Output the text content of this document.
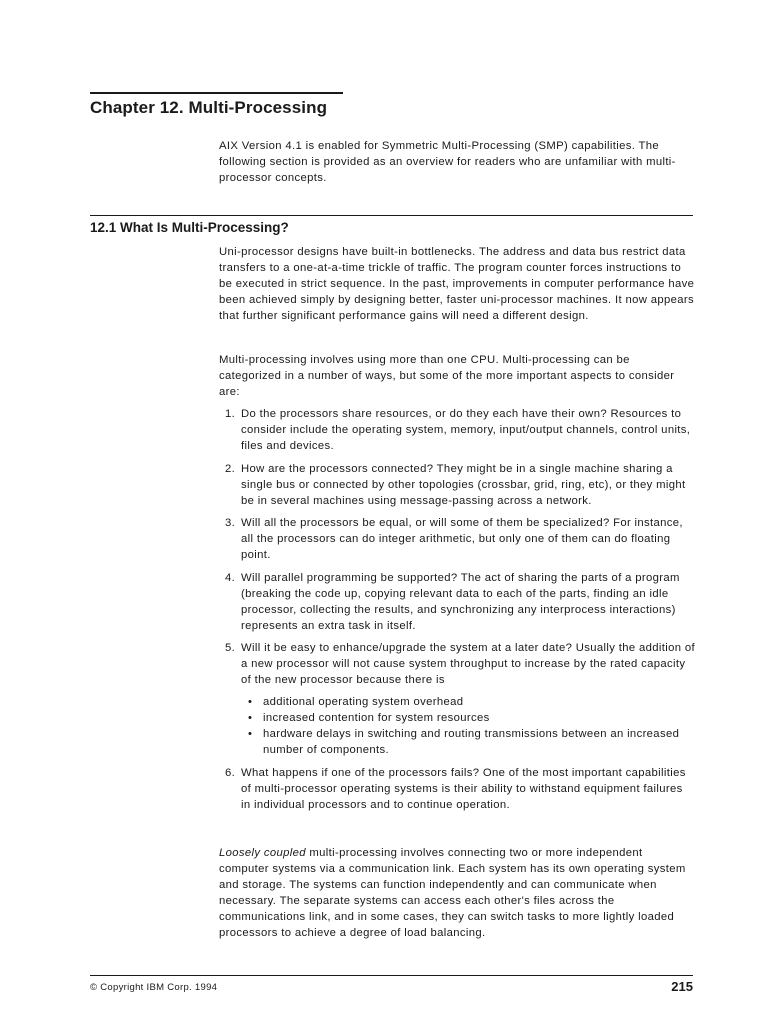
Chapter 12. Multi-Processing

AIX Version 4.1 is enabled for Symmetric Multi-Processing (SMP) capabilities. The following section is provided as an overview for readers who are unfamiliar with multi-processor concepts.

12.1 What Is Multi-Processing?

Uni-processor designs have built-in bottlenecks. The address and data bus restrict data transfers to a one-at-a-time trickle of traffic. The program counter forces instructions to be executed in strict sequence. In the past, improvements in computer performance have been achieved simply by designing better, faster uni-processor machines. It now appears that further significant performance gains will need a different design.

Multi-processing involves using more than one CPU. Multi-processing can be categorized in a number of ways, but some of the more important aspects to consider are:

1. Do the processors share resources, or do they each have their own? Resources to consider include the operating system, memory, input/output channels, control units, files and devices.
2. How are the processors connected? They might be in a single machine sharing a single bus or connected by other topologies (crossbar, grid, ring, etc), or they might be in several machines using message-passing across a network.
3. Will all the processors be equal, or will some of them be specialized? For instance, all the processors can do integer arithmetic, but only one of them can do floating point.
4. Will parallel programming be supported? The act of sharing the parts of a program (breaking the code up, copying relevant data to each of the parts, finding an idle processor, collecting the results, and synchronizing any interprocess interactions) represents an extra task in itself.
5. Will it be easy to enhance/upgrade the system at a later date? Usually the addition of a new processor will not cause system throughput to increase by the rated capacity of the new processor because there is
• additional operating system overhead
• increased contention for system resources
• hardware delays in switching and routing transmissions between an increased number of components.
6. What happens if one of the processors fails? One of the most important capabilities of multi-processor operating systems is their ability to withstand equipment failures in individual processors and to continue operation.

Loosely coupled multi-processing involves connecting two or more independent computer systems via a communication link. Each system has its own operating system and storage. The systems can function independently and can communicate when necessary. The separate systems can access each other's files across the communications link, and in some cases, they can switch tasks to more lightly loaded processors to achieve a degree of load balancing.

© Copyright IBM Corp. 1994	215
